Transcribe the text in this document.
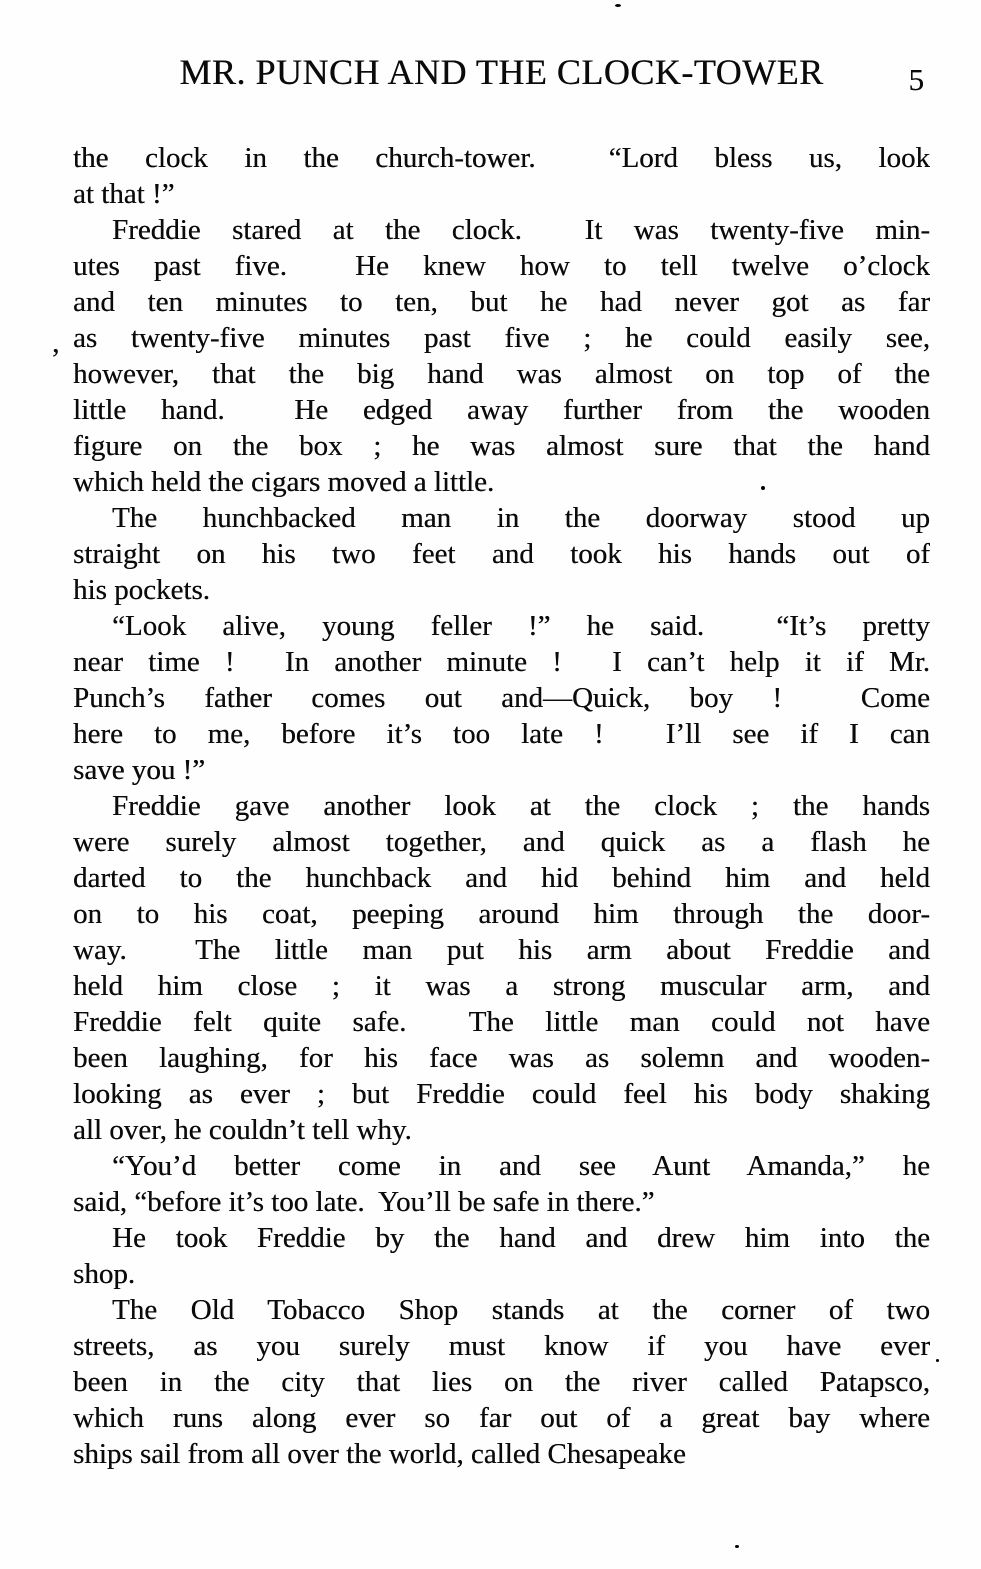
MR. PUNCH AND THE CLOCK-TOWER	5
the clock in the church-tower.  “Lord bless us, look
at that !”
Freddie stared at the clock.  It was twenty-five min-
utes past five.  He knew how to tell twelve o’clock
and ten minutes to ten, but he had never got as far
as twenty-five minutes past five ; he could easily see,
however, that the big hand was almost on top of the
little hand.  He edged away further from the wooden
figure on the box ; he was almost sure that the hand
which held the cigars moved a little.
The hunchbacked man in the doorway stood up
straight on his two feet and took his hands out of
his pockets.
“Look alive, young feller !” he said.  “It’s pretty
near time !  In another minute !  I can’t help it if Mr.
Punch’s father comes out and—Quick, boy !  Come
here to me, before it’s too late !  I’ll see if I can
save you !”
Freddie gave another look at the clock ; the hands
were surely almost together, and quick as a flash he
darted to the hunchback and hid behind him and held
on to his coat, peeping around him through the door-
way.  The little man put his arm about Freddie and
held him close ; it was a strong muscular arm, and
Freddie felt quite safe.  The little man could not have
been laughing, for his face was as solemn and wooden-
looking as ever ; but Freddie could feel his body shaking
all over, he couldn’t tell why.
“You’d better come in and see Aunt Amanda,” he
said, “before it’s too late.  You’ll be safe in there.”
He took Freddie by the hand and drew him into the
shop.
The Old Tobacco Shop stands at the corner of two
streets, as you surely must know if you have ever
been in the city that lies on the river called Patapsco,
which runs along ever so far out of a great bay where
ships sail from all over the world, called Chesapeake
,
